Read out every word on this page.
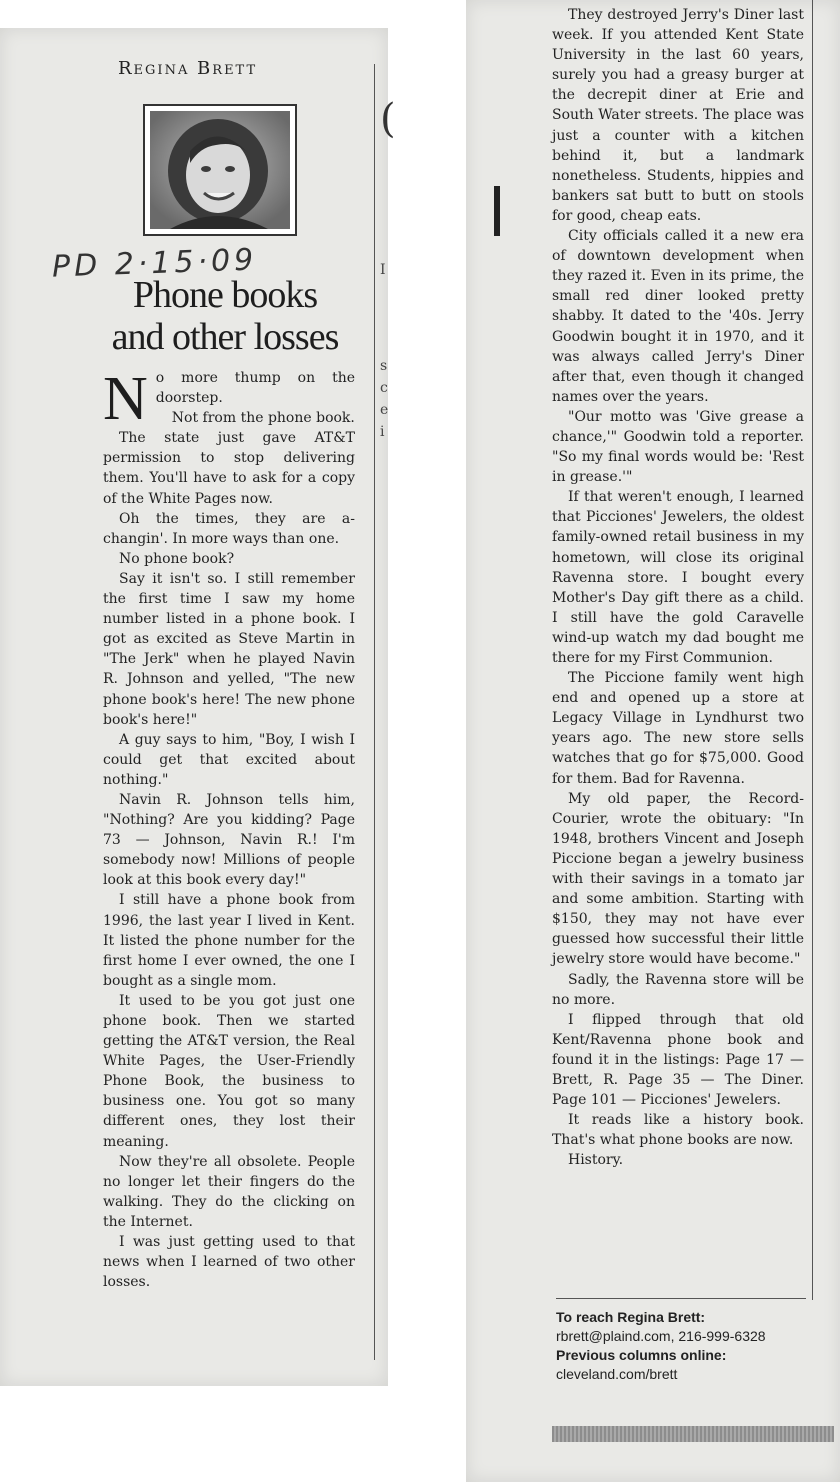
Regina Brett
PD 2·15·09
Phone books
and other losses
(
I
s
c
e
i
N o more thump on the doorstep.

Not from the phone book.

The state just gave AT&T permission to stop delivering them. You'll have to ask for a copy of the White Pages now.

Oh the times, they are a-changin'. In more ways than one.

No phone book?

Say it isn't so. I still remember the first time I saw my home number listed in a phone book. I got as excited as Steve Martin in "The Jerk" when he played Navin R. Johnson and yelled, "The new phone book's here! The new phone book's here!"

A guy says to him, "Boy, I wish I could get that excited about nothing."

Navin R. Johnson tells him, "Nothing? Are you kidding? Page 73 — Johnson, Navin R.! I'm somebody now! Millions of people look at this book every day!"

I still have a phone book from 1996, the last year I lived in Kent. It listed the phone number for the first home I ever owned, the one I bought as a single mom.

It used to be you got just one phone book. Then we started getting the AT&T version, the Real White Pages, the User-Friendly Phone Book, the business to business one. You got so many different ones, they lost their meaning.

Now they're all obsolete. People no longer let their fingers do the walking. They do the clicking on the Internet.

I was just getting used to that news when I learned of two other losses.

They destroyed Jerry's Diner last week. If you attended Kent State University in the last 60 years, surely you had a greasy burger at the decrepit diner at Erie and South Water streets. The place was just a counter with a kitchen behind it, but a landmark nonetheless. Students, hippies and bankers sat butt to butt on stools for good, cheap eats.

City officials called it a new era of downtown development when they razed it. Even in its prime, the small red diner looked pretty shabby. It dated to the '40s. Jerry Goodwin bought it in 1970, and it was always called Jerry's Diner after that, even though it changed names over the years.

"Our motto was 'Give grease a chance,'" Goodwin told a reporter. "So my final words would be: 'Rest in grease.'"

If that weren't enough, I learned that Picciones' Jewelers, the oldest family-owned retail business in my hometown, will close its original Ravenna store. I bought every Mother's Day gift there as a child. I still have the gold Caravelle wind-up watch my dad bought me there for my First Communion.

The Piccione family went high end and opened up a store at Legacy Village in Lyndhurst two years ago. The new store sells watches that go for $75,000. Good for them. Bad for Ravenna.

My old paper, the Record-Courier, wrote the obituary: "In 1948, brothers Vincent and Joseph Piccione began a jewelry business with their savings in a tomato jar and some ambition. Starting with $150, they may not have ever guessed how successful their little jewelry store would have become."

Sadly, the Ravenna store will be no more.

I flipped through that old Kent/Ravenna phone book and found it in the listings: Page 17 — Brett, R. Page 35 — The Diner. Page 101 — Picciones' Jewelers.

It reads like a history book. That's what phone books are now.

History.

To reach Regina Brett:
rbrett@plaind.com, 216-999-6328
Previous columns online:
cleveland.com/brett
